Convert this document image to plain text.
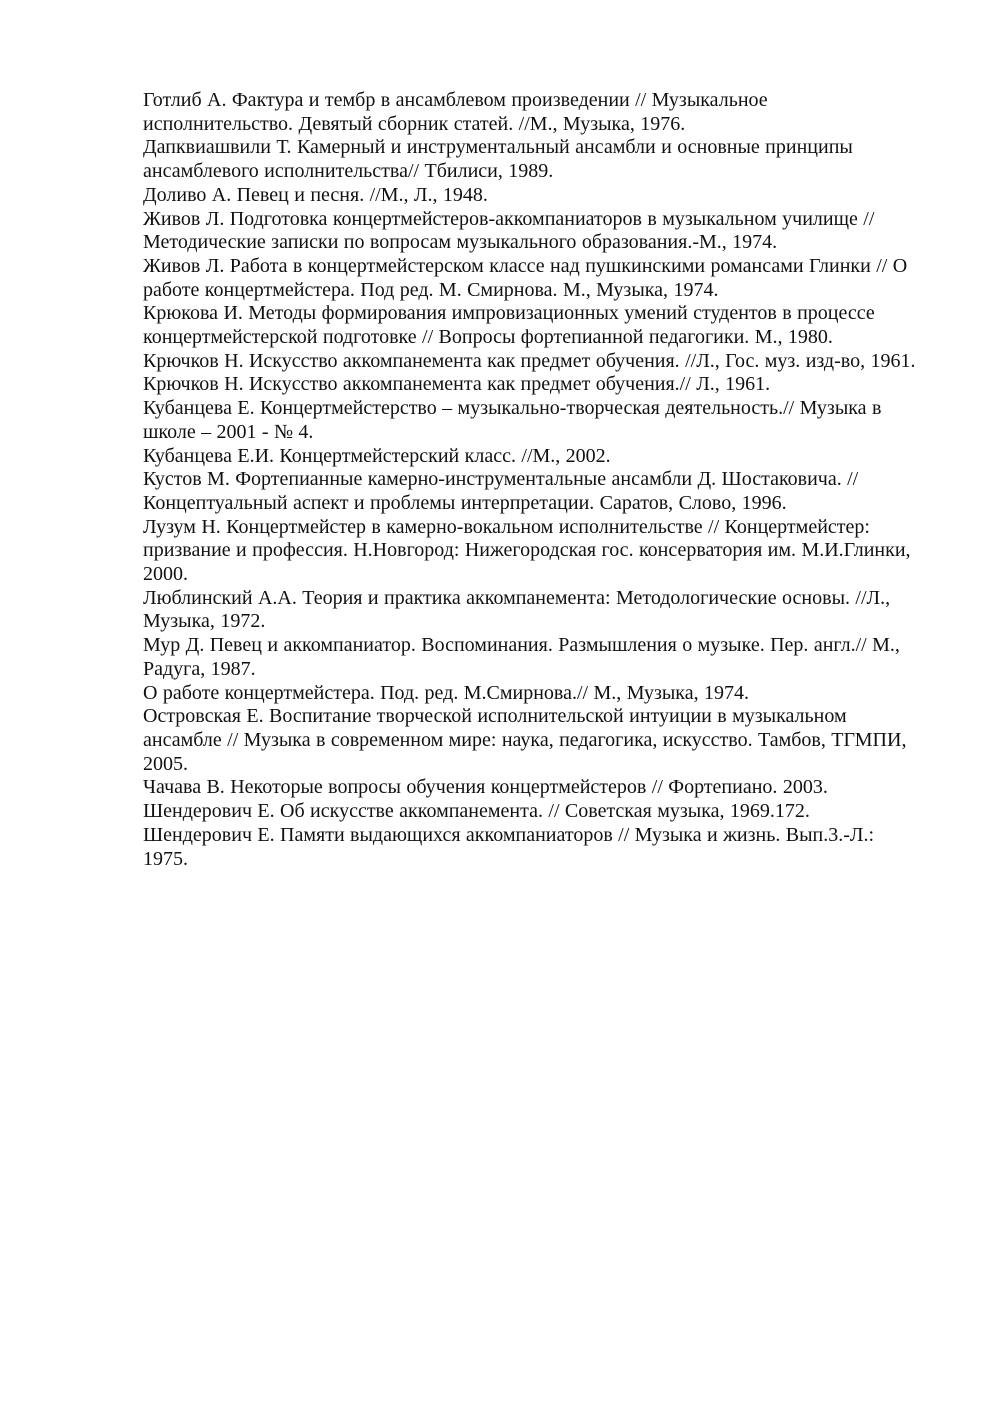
Готлиб А. Фактура и тембр в ансамблевом произведении // Музыкальное исполнительство. Девятый сборник статей. //М., Музыка, 1976.

Дапквиашвили Т. Камерный и инструментальный ансамбли и основные принципы ансамблевого исполнительства// Тбилиси, 1989.

Доливо А. Певец и песня. //М., Л., 1948.

Живов Л. Подготовка концертмейстеров-аккомпаниаторов в музыкальном училище // Методические записки по вопросам музыкального образования.-М., 1974.

Живов Л. Работа в концертмейстерском классе над пушкинскими романсами Глинки // О работе концертмейстера. Под ред. М. Смирнова. М., Музыка, 1974.

Крюкова И. Методы формирования импровизационных умений студентов в процессе концертмейстерской подготовке // Вопросы фортепианной педагогики. М., 1980.

Крючков Н. Искусство аккомпанемента как предмет обучения. //Л., Гос. муз. изд-во, 1961.

Крючков Н. Искусство аккомпанемента как предмет обучения.// Л., 1961.

Кубанцева Е. Концертмейстерство – музыкально-творческая деятельность.// Музыка в школе – 2001 - № 4.

Кубанцева Е.И. Концертмейстерский класс. //М., 2002.

Кустов М. Фортепианные камерно-инструментальные ансамбли Д. Шостаковича. // Концептуальный аспект и проблемы интерпретации. Саратов, Слово, 1996.

Лузум Н. Концертмейстер в камерно-вокальном исполнительстве // Концертмейстер: призвание и профессия. Н.Новгород: Нижегородская гос. консерватория им. М.И.Глинки, 2000.

Люблинский А.А. Теория и практика аккомпанемента: Методологические основы. //Л., Музыка, 1972.

Мур Д. Певец и аккомпаниатор. Воспоминания. Размышления о музыке. Пер. англ.// М., Радуга, 1987.

О работе концертмейстера. Под. ред. М.Смирнова.// М., Музыка, 1974.

Островская Е. Воспитание творческой исполнительской интуиции в музыкальном ансамбле // Музыка в современном мире: наука, педагогика, искусство. Тамбов, ТГМПИ, 2005.

Чачава В. Некоторые вопросы обучения концертмейстеров // Фортепиано. 2003.

Шендерович Е. Об искусстве аккомпанемента. // Советская музыка, 1969.172.

Шендерович Е. Памяти выдающихся аккомпаниаторов // Музыка и жизнь. Вып.3.-Л.: 1975.
